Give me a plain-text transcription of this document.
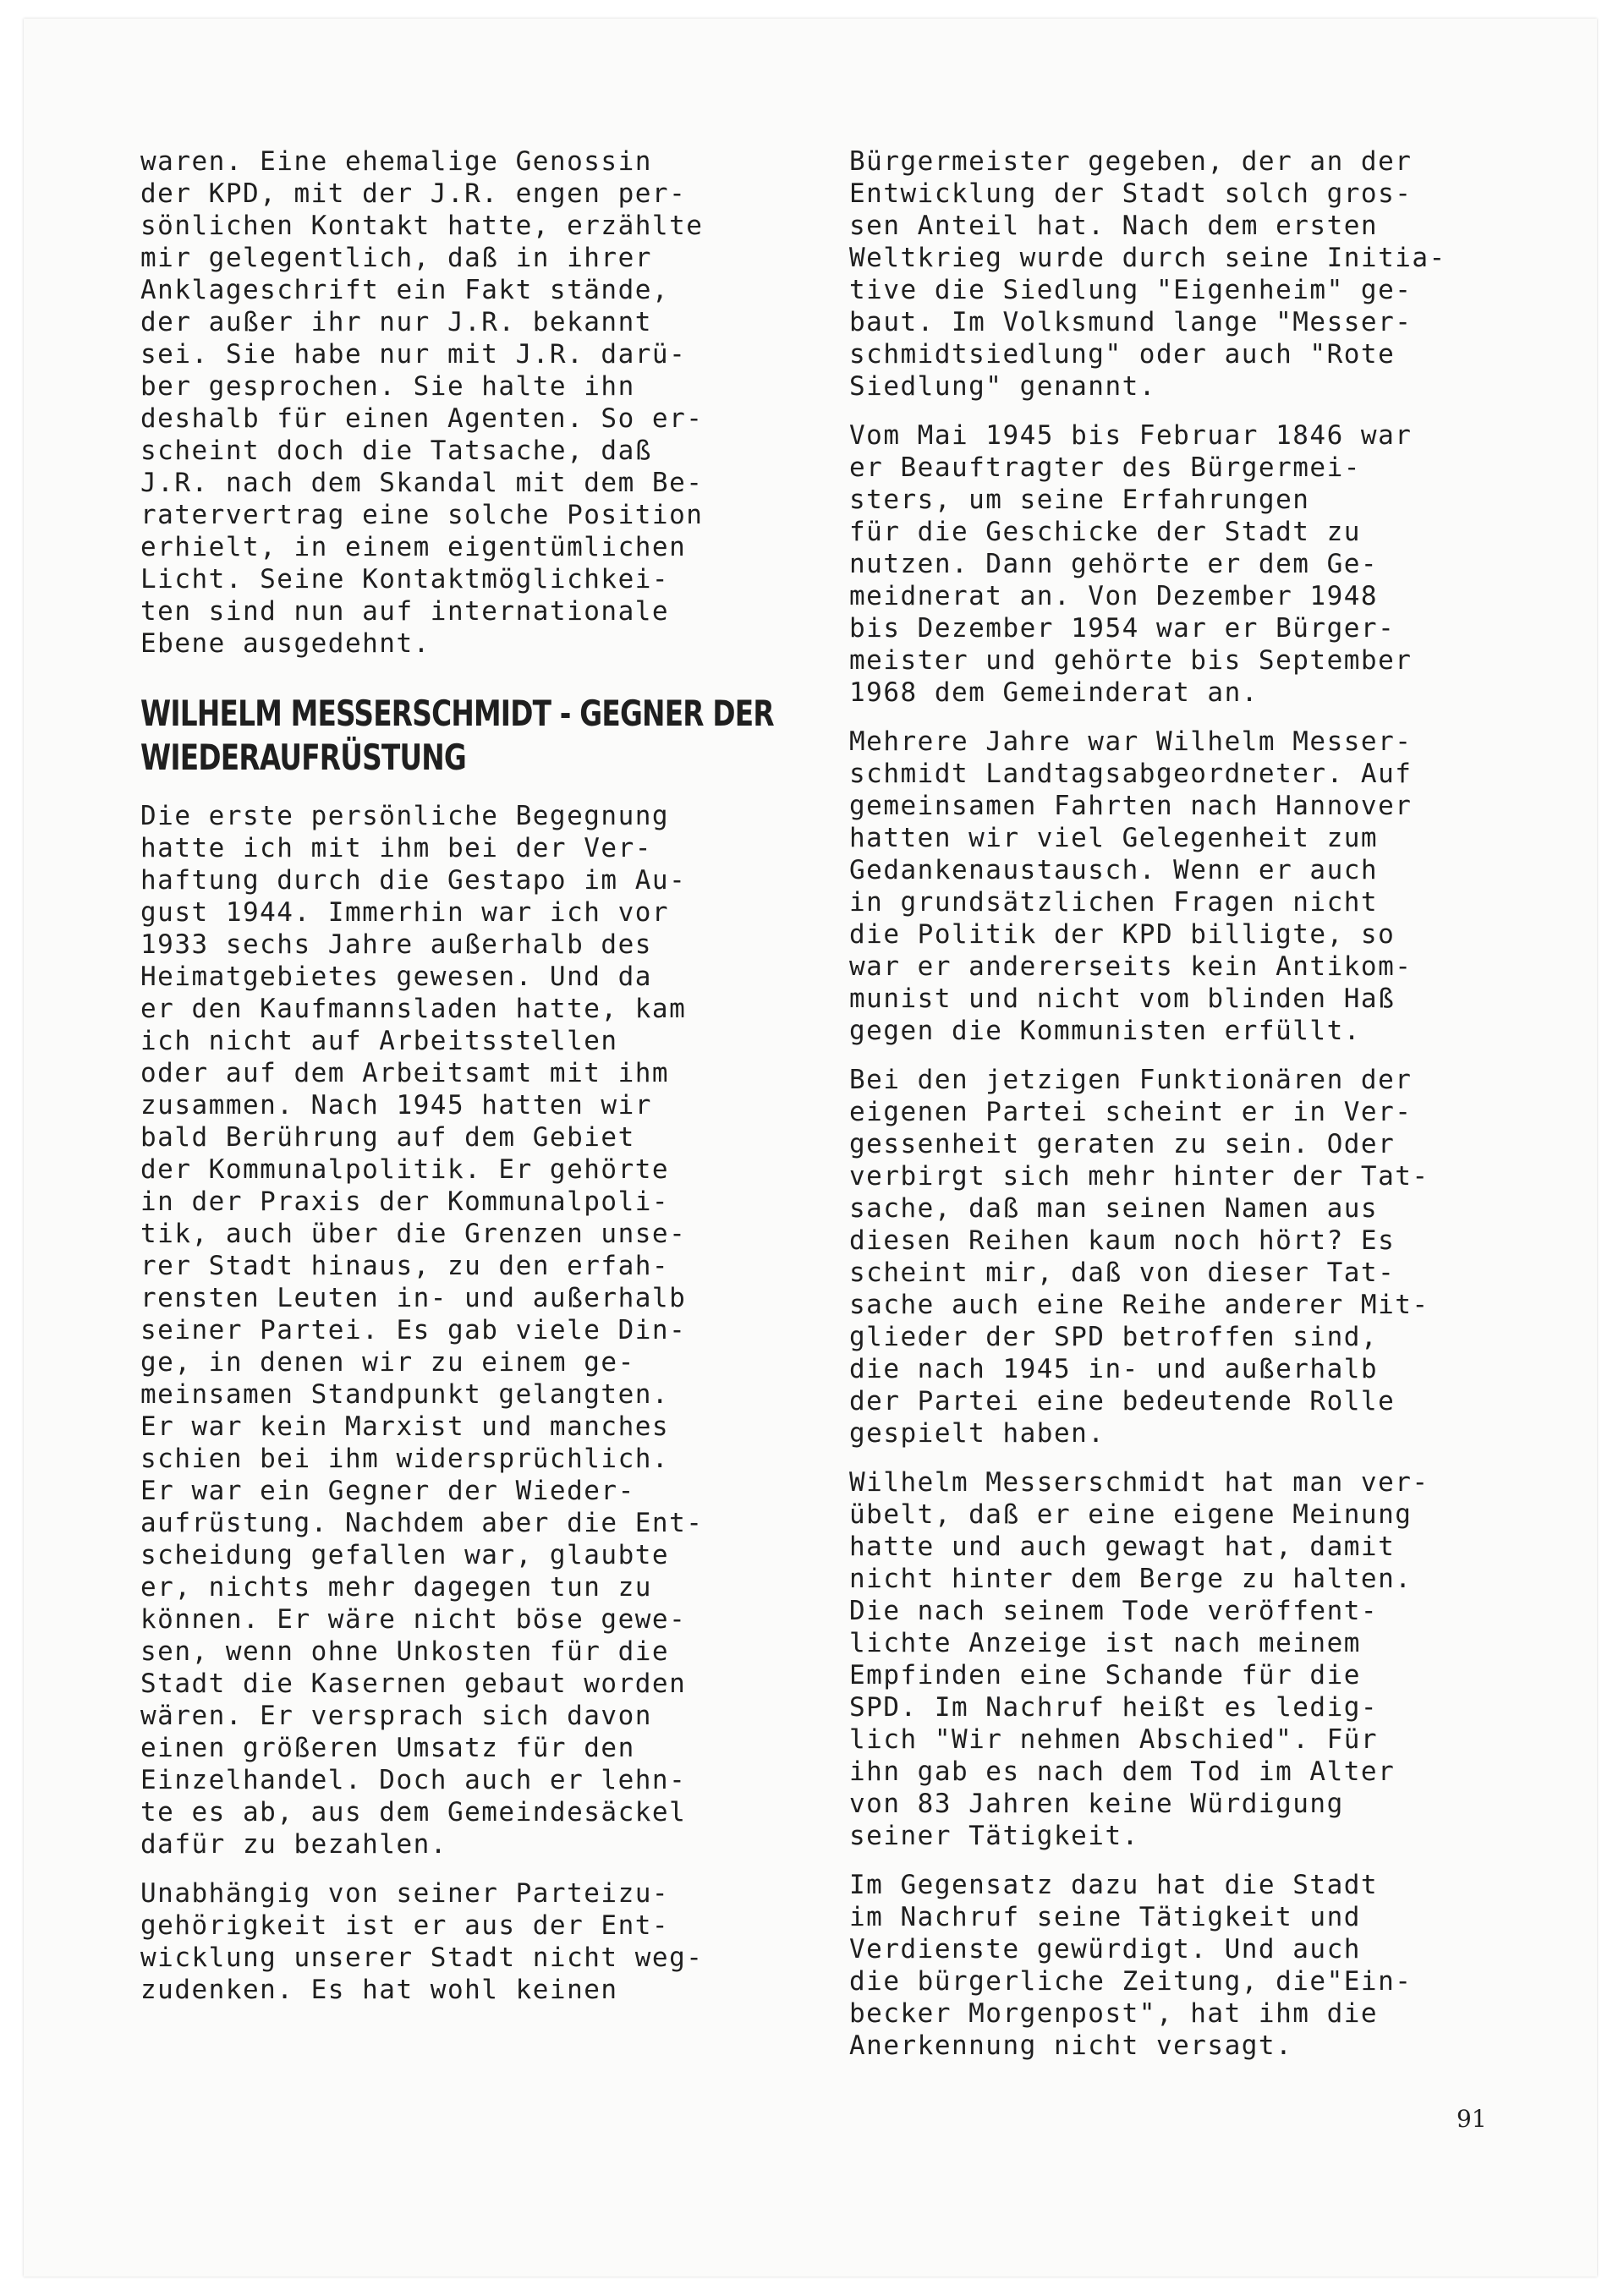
waren. Eine ehemalige Genossin
der KPD, mit der J.R. engen per-
sönlichen Kontakt hatte, erzählte
mir gelegentlich, daß in ihrer
Anklageschrift ein Fakt stände,
der außer ihr nur J.R. bekannt
sei. Sie habe nur mit J.R. darü-
ber gesprochen. Sie halte ihn
deshalb für einen Agenten. So er-
scheint doch die Tatsache, daß
J.R. nach dem Skandal mit dem Be-
ratervertrag eine solche Position
erhielt, in einem eigentümlichen
Licht. Seine Kontaktmöglichkei-
ten sind nun auf internationale
Ebene ausgedehnt.

WILHELM MESSERSCHMIDT - GEGNER DER
WIEDERAUFRÜSTUNG

Die erste persönliche Begegnung
hatte ich mit ihm bei der Ver-
haftung durch die Gestapo im Au-
gust 1944. Immerhin war ich vor
1933 sechs Jahre außerhalb des
Heimatgebietes gewesen. Und da
er den Kaufmannsladen hatte, kam
ich nicht auf Arbeitsstellen
oder auf dem Arbeitsamt mit ihm
zusammen. Nach 1945 hatten wir
bald Berührung auf dem Gebiet
der Kommunalpolitik. Er gehörte
in der Praxis der Kommunalpoli-
tik, auch über die Grenzen unse-
rer Stadt hinaus, zu den erfah-
rensten Leuten in- und außerhalb
seiner Partei. Es gab viele Din-
ge, in denen wir zu einem ge-
meinsamen Standpunkt gelangten.
Er war kein Marxist und manches
schien bei ihm widersprüchlich.
Er war ein Gegner der Wieder-
aufrüstung. Nachdem aber die Ent-
scheidung gefallen war, glaubte
er, nichts mehr dagegen tun zu
können. Er wäre nicht böse gewe-
sen, wenn ohne Unkosten für die
Stadt die Kasernen gebaut worden
wären. Er versprach sich davon
einen größeren Umsatz für den
Einzelhandel. Doch auch er lehn-
te es ab, aus dem Gemeindesäckel
dafür zu bezahlen.

Unabhängig von seiner Parteizu-
gehörigkeit ist er aus der Ent-
wicklung unserer Stadt nicht weg-
zudenken. Es hat wohl keinen

Bürgermeister gegeben, der an der
Entwicklung der Stadt solch gros-
sen Anteil hat. Nach dem ersten
Weltkrieg wurde durch seine Initia-
tive die Siedlung "Eigenheim" ge-
baut. Im Volksmund lange "Messer-
schmidtsiedlung" oder auch "Rote
Siedlung" genannt.

Vom Mai 1945 bis Februar 1846 war
er Beauftragter des Bürgermei-
sters, um seine Erfahrungen
für die Geschicke der Stadt zu
nutzen. Dann gehörte er dem Ge-
meidnerat an. Von Dezember 1948
bis Dezember 1954 war er Bürger-
meister und gehörte bis September
1968 dem Gemeinderat an.

Mehrere Jahre war Wilhelm Messer-
schmidt Landtagsabgeordneter. Auf
gemeinsamen Fahrten nach Hannover
hatten wir viel Gelegenheit zum
Gedankenaustausch. Wenn er auch
in grundsätzlichen Fragen nicht
die Politik der KPD billigte, so
war er andererseits kein Antikom-
munist und nicht vom blinden Haß
gegen die Kommunisten erfüllt.

Bei den jetzigen Funktionären der
eigenen Partei scheint er in Ver-
gessenheit geraten zu sein. Oder
verbirgt sich mehr hinter der Tat-
sache, daß man seinen Namen aus
diesen Reihen kaum noch hört? Es
scheint mir, daß von dieser Tat-
sache auch eine Reihe anderer Mit-
glieder der SPD betroffen sind,
die nach 1945 in- und außerhalb
der Partei eine bedeutende Rolle
gespielt haben.

Wilhelm Messerschmidt hat man ver-
übelt, daß er eine eigene Meinung
hatte und auch gewagt hat, damit
nicht hinter dem Berge zu halten.
Die nach seinem Tode veröffent-
lichte Anzeige ist nach meinem
Empfinden eine Schande für die
SPD. Im Nachruf heißt es ledig-
lich "Wir nehmen Abschied". Für
ihn gab es nach dem Tod im Alter
von 83 Jahren keine Würdigung
seiner Tätigkeit.

Im Gegensatz dazu hat die Stadt
im Nachruf seine Tätigkeit und
Verdienste gewürdigt. Und auch
die bürgerliche Zeitung, die"Ein-
becker Morgenpost", hat ihm die
Anerkennung nicht versagt.

91
